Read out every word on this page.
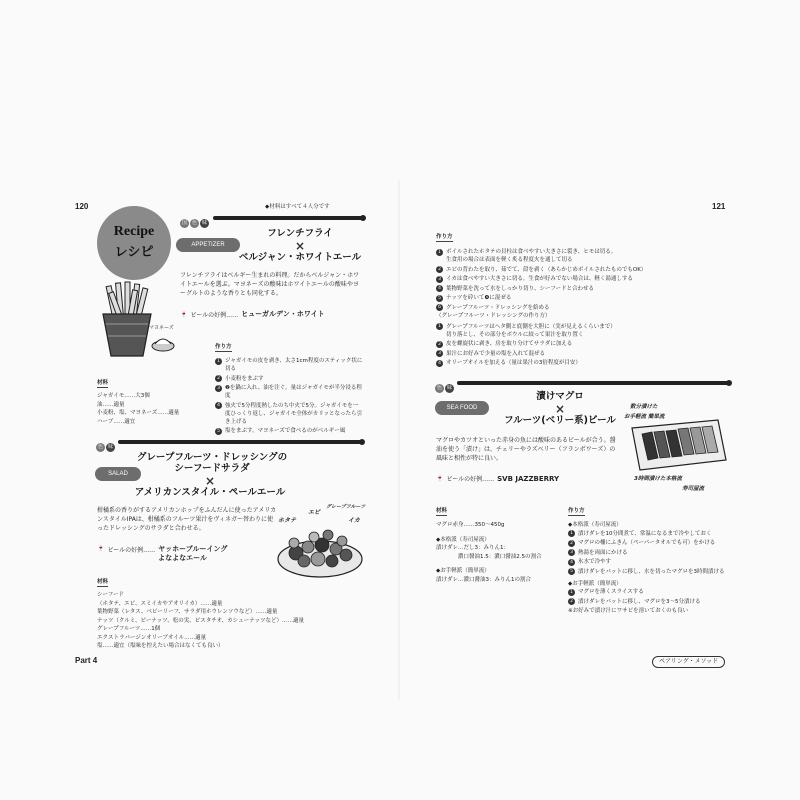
120	◆材料はすべて４人分です
Recipe
レシピ
国 色 味
APPETIZER
フレンチフライ
×
ベルジャン・ホワイトエール
フレンチフライはベルギー生まれの料理。だからベルジャン・ホワイトエールを選ぶ。マヨネーズの酸味はホワイトエールの酸味やヨーグルトのような香りとも同化する。
🍷 ビールの好例…… ヒューガルデン・ホワイト
マヨネーズ
作り方
1 ジャガイモの皮を剥き、太さ1cm程度のスティック状に切る
2 小麦粉をまぶす
3 ❷を鍋に入れ、油を注ぐ。量はジャガイモが半分浸る程度
4 強火で5分程度熱したのち中火で5分。ジャガイモを一度ひっくり返し、ジャガイモ全体がカリッとなったら引き上げる
5 塩をまぶす。マヨネーズで食べるのがベルギー風
材料
ジャガイモ……大3個
油……適量
小麦粉、塩、マヨネーズ……適量
ハーブ……適宜
色 味
SALAD
グレープフルーツ・ドレッシングの
シーフードサラダ
×
アメリカンスタイル・ペールエール
柑橘系の香りがするアメリカンホップをふんだんに使ったアメリカンスタイルIPAは、柑橘系のフルーツ果汁をヴィネガー替わりに使ったドレッシングのサラダと合わせる。
🍷 ビールの好例…… ヤッホーブルーイング
よなよなエール
ホタテ
エビ
グレープフルーツ
イカ
材料
シーフード
（ホタテ、エビ、スミイカやアオリイカ）……適量
葉物野菜（レタス、ベビーリーフ、サラダ用ホウレンソウなど）……適量
ナッツ（クルミ、ピーナッツ、松の実、ピスタチオ、カシューナッツなど）……適量
グレープフルーツ……1個
エクストラバージンオリーブオイル……適量
塩……適宜（塩味を控えたい場合はなくても良い）
Part 4
121
作り方
1 ボイルされたホタテの貝柱は食べやすい大きさに裂き、ヒモは切る。
生食用の場合は表面を軽く炙る程度火を通して切る
2 エビの背わたを取り、茹でて、殻を剥く（あらかじめボイルされたものでもOK）
3 イカは食べやすい大きさに切る。生食が好みでない場合は、軽く湯通しする
4 葉物野菜を洗って水をしっかり切り、シーフードと合わせる
5 ナッツを砕いて❹に混ぜる
6 グレープフルーツ・ドレッシングを絡める
（グレープフルーツ・ドレッシングの作り方）
1 グレープフルーツはヘタ側と底側を大胆に（実が見えるくらいまで）
切り落とし、その部分をボウルに絞って果汁を取り置く
2 皮を螺旋状に剥き、房を取り分けてサラダに加える
3 果汁にお好みで少量の塩を入れて混ぜる
4 オリーブオイルを加える（量は果汁の3倍程度が目安）
色 味
SEA FOOD
漬けマグロ
×
フルーツ(ベリー系)ビール
マグロやカツオといった赤身の魚には酸味のあるビールが合う。醤油を使う「漬け」は、チェリーやラズベリー（フランボワーズ）の風味と相性が特に良い。
🍷 ビールの好例…… SVB JAZZBERRY
数分漬けた
お手軽流 簡単流
3時間漬けた本格流
寿司屋流
材料
マグロ赤身……350〜450g
◆本格派（寿司屋流）
漬けダレ…だし3：みりん1：
　　　　濃口醤油1.5：濃口醤油2.5の割合
◆お手軽派（簡単流）
漬けダレ…濃口醤油3：みりん1の割合
作り方
◆本格派（寿司屋流）
1 漬けダレを10分間煮て、常温になるまで冷やしておく
2 マグロの柵にふきん（ペーパータオルでも可）をかける
3 熱湯を両面にかける
4 氷水で冷やす
5 漬けダレをバットに移し、水を切ったマグロを3時間漬ける
◆お手軽派（簡単流）
1 マグロを薄くスライスする
2 漬けダレをバットに移し、マグロを3〜5分漬ける
※お好みで漬け汁にワサビを溶いておくのも良い
ペアリング・メソッド
